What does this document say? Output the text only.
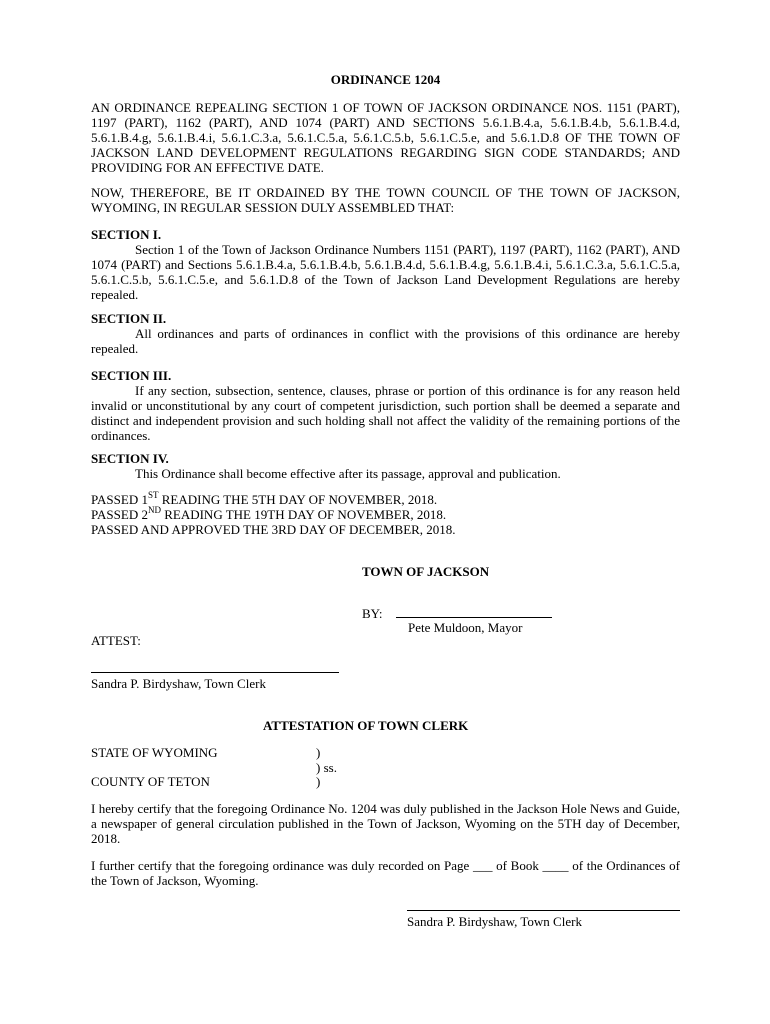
ORDINANCE 1204
AN ORDINANCE REPEALING SECTION 1 OF TOWN OF JACKSON ORDINANCE NOS. 1151 (PART), 1197 (PART), 1162 (PART), AND 1074 (PART) AND SECTIONS 5.6.1.B.4.a, 5.6.1.B.4.b, 5.6.1.B.4.d, 5.6.1.B.4.g, 5.6.1.B.4.i, 5.6.1.C.3.a, 5.6.1.C.5.a, 5.6.1.C.5.b, 5.6.1.C.5.e, and 5.6.1.D.8 OF THE TOWN OF JACKSON LAND DEVELOPMENT REGULATIONS REGARDING SIGN CODE STANDARDS; AND PROVIDING FOR AN EFFECTIVE DATE.
NOW, THEREFORE, BE IT ORDAINED BY THE TOWN COUNCIL OF THE TOWN OF JACKSON, WYOMING, IN REGULAR SESSION DULY ASSEMBLED THAT:
SECTION I.
Section 1 of the Town of Jackson Ordinance Numbers 1151 (PART), 1197 (PART), 1162 (PART), AND 1074 (PART) and Sections 5.6.1.B.4.a, 5.6.1.B.4.b, 5.6.1.B.4.d, 5.6.1.B.4.g, 5.6.1.B.4.i, 5.6.1.C.3.a, 5.6.1.C.5.a, 5.6.1.C.5.b, 5.6.1.C.5.e, and 5.6.1.D.8 of the Town of Jackson Land Development Regulations are hereby repealed.
SECTION II.
All ordinances and parts of ordinances in conflict with the provisions of this ordinance are hereby repealed.
SECTION III.
If any section, subsection, sentence, clauses, phrase or portion of this ordinance is for any reason held invalid or unconstitutional by any court of competent jurisdiction, such portion shall be deemed a separate and distinct and independent provision and such holding shall not affect the validity of the remaining portions of the ordinances.
SECTION IV.
This Ordinance shall become effective after its passage, approval and publication.
PASSED 1ST READING THE 5TH DAY OF NOVEMBER, 2018.
PASSED 2ND READING THE 19TH DAY OF NOVEMBER, 2018.
PASSED AND APPROVED THE 3RD DAY OF DECEMBER, 2018.
TOWN OF JACKSON
BY:
Pete Muldoon, Mayor
ATTEST:
Sandra P. Birdyshaw, Town Clerk
ATTESTATION OF TOWN CLERK
STATE OF WYOMING
COUNTY OF TETON
)
) ss.
)
I hereby certify that the foregoing Ordinance No. 1204 was duly published in the Jackson Hole News and Guide, a newspaper of general circulation published in the Town of Jackson, Wyoming on the 5TH day of December, 2018.
I further certify that the foregoing ordinance was duly recorded on Page ___ of Book ____ of the Ordinances of the Town of Jackson, Wyoming.
Sandra P. Birdyshaw, Town Clerk
